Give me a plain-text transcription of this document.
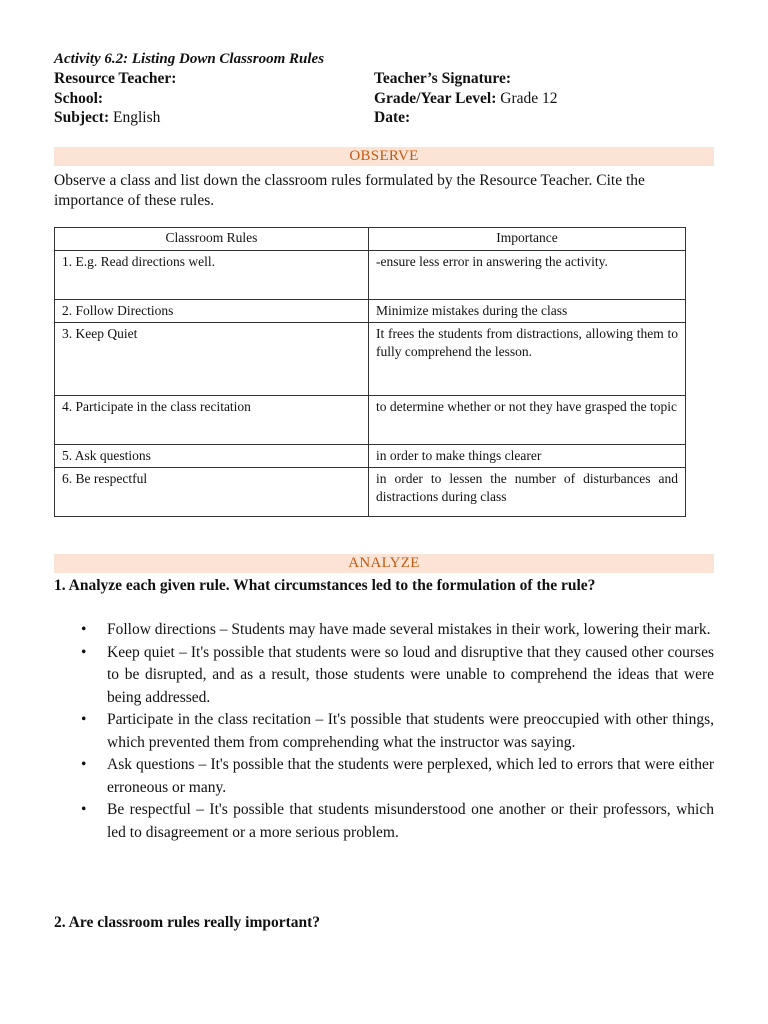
Activity 6.2: Listing Down Classroom Rules
Resource Teacher:	Teacher’s Signature:
School:	Grade/Year Level: Grade 12
Subject: English	Date:
OBSERVE
Observe a class and list down the classroom rules formulated by the Resource Teacher. Cite the importance of these rules.
Classroom Rules	Importance
1. E.g. Read directions well.	-ensure less error in answering the activity.
2. Follow Directions	Minimize mistakes during the class
3. Keep Quiet	It frees the students from distractions, allowing them to fully comprehend the lesson.
4. Participate in the class recitation	to determine whether or not they have grasped the topic
5. Ask questions	in order to make things clearer
6. Be respectful	in order to lessen the number of disturbances and distractions during class
ANALYZE
1. Analyze each given rule. What circumstances led to the formulation of the rule?
• Follow directions – Students may have made several mistakes in their work, lowering their mark.
• Keep quiet – It's possible that students were so loud and disruptive that they caused other courses to be disrupted, and as a result, those students were unable to comprehend the ideas that were being addressed.
• Participate in the class recitation – It's possible that students were preoccupied with other things, which prevented them from comprehending what the instructor was saying.
• Ask questions – It's possible that the students were perplexed, which led to errors that were either erroneous or many.
• Be respectful – It's possible that students misunderstood one another or their professors, which led to disagreement or a more serious problem.
2. Are classroom rules really important?
